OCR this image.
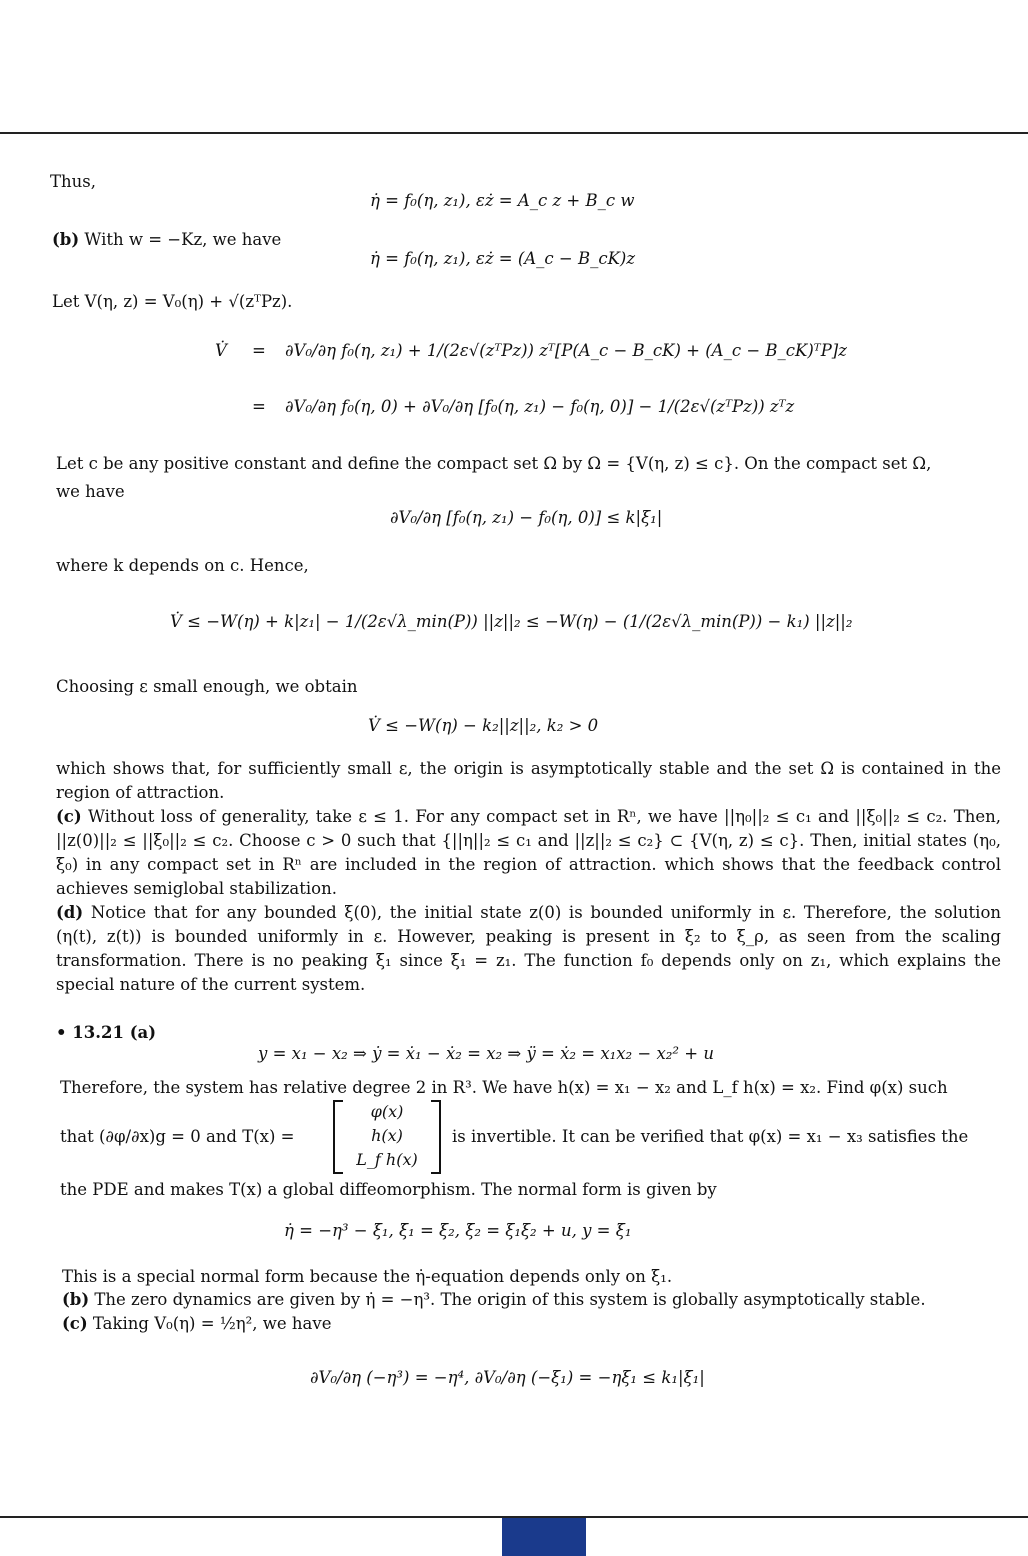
Thus,
η̇ = f₀(η, z₁), εż = A_c z + B_c w
(b) With w = −Kz, we have
η̇ = f₀(η, z₁), εż = (A_c − B_cK)z
Let V(η, z) = V₀(η) + √(zᵀPz).
V̇ = ∂V₀/∂η f₀(η, z₁) + 1/(2ε√(zᵀPz)) zᵀ[P(A_c − B_cK) + (A_c − B_cK)ᵀP]z
= ∂V₀/∂η f₀(η, 0) + ∂V₀/∂η [f₀(η, z₁) − f₀(η, 0)] − 1/(2ε√(zᵀPz)) zᵀz
Let c be any positive constant and define the compact set Ω by Ω = {V(η, z) ≤ c}. On the compact set Ω,
we have
∂V₀/∂η [f₀(η, z₁) − f₀(η, 0)] ≤ k|ξ₁|
where k depends on c. Hence,
V̇ ≤ −W(η) + k|z₁| − 1/(2ε√λ_min(P)) ||z||₂ ≤ −W(η) − (1/(2ε√λ_min(P)) − k₁) ||z||₂
Choosing ε small enough, we obtain
V̇ ≤ −W(η) − k₂||z||₂, k₂ > 0
which shows that, for sufficiently small ε, the origin is asymptotically stable and the set Ω is contained in the region of attraction.
(c) Without loss of generality, take ε ≤ 1. For any compact set in Rⁿ, we have ||η₀||₂ ≤ c₁ and ||ξ₀||₂ ≤ c₂. Then, ||z(0)||₂ ≤ ||ξ₀||₂ ≤ c₂. Choose c > 0 such that {||η||₂ ≤ c₁ and ||z||₂ ≤ c₂} ⊂ {V(η, z) ≤ c}. Then, initial states (η₀, ξ₀) in any compact set in Rⁿ are included in the region of attraction. which shows that the feedback control achieves semiglobal stabilization.
(d) Notice that for any bounded ξ(0), the initial state z(0) is bounded uniformly in ε. Therefore, the solution (η(t), z(t)) is bounded uniformly in ε. However, peaking is present in ξ₂ to ξ_ρ, as seen from the scaling transformation. There is no peaking ξ₁ since ξ₁ = z₁. The function f₀ depends only on z₁, which explains the special nature of the current system.
• 13.21 (a)
y = x₁ − x₂ ⇒ ẏ = ẋ₁ − ẋ₂ = x₂ ⇒ ÿ = ẋ₂ = x₁x₂ − x₂² + u
Therefore, the system has relative degree 2 in R³. We have h(x) = x₁ − x₂ and L_f h(x) = x₂. Find φ(x) such
that (∂φ/∂x)g = 0 and T(x) =
φ(x)
h(x)
L_f h(x)
is invertible. It can be verified that φ(x) = x₁ − x₃ satisfies the
the PDE and makes T(x) a global diffeomorphism. The normal form is given by
η̇ = −η³ − ξ₁, ξ̇₁ = ξ₂, ξ̇₂ = ξ₁ξ₂ + u, y = ξ₁
This is a special normal form because the η̇-equation depends only on ξ₁.
(b) The zero dynamics are given by η̇ = −η³. The origin of this system is globally asymptotically stable.
(c) Taking V₀(η) = ½η², we have
∂V₀/∂η (−η³) = −η⁴, ∂V₀/∂η (−ξ₁) = −ηξ₁ ≤ k₁|ξ₁|
